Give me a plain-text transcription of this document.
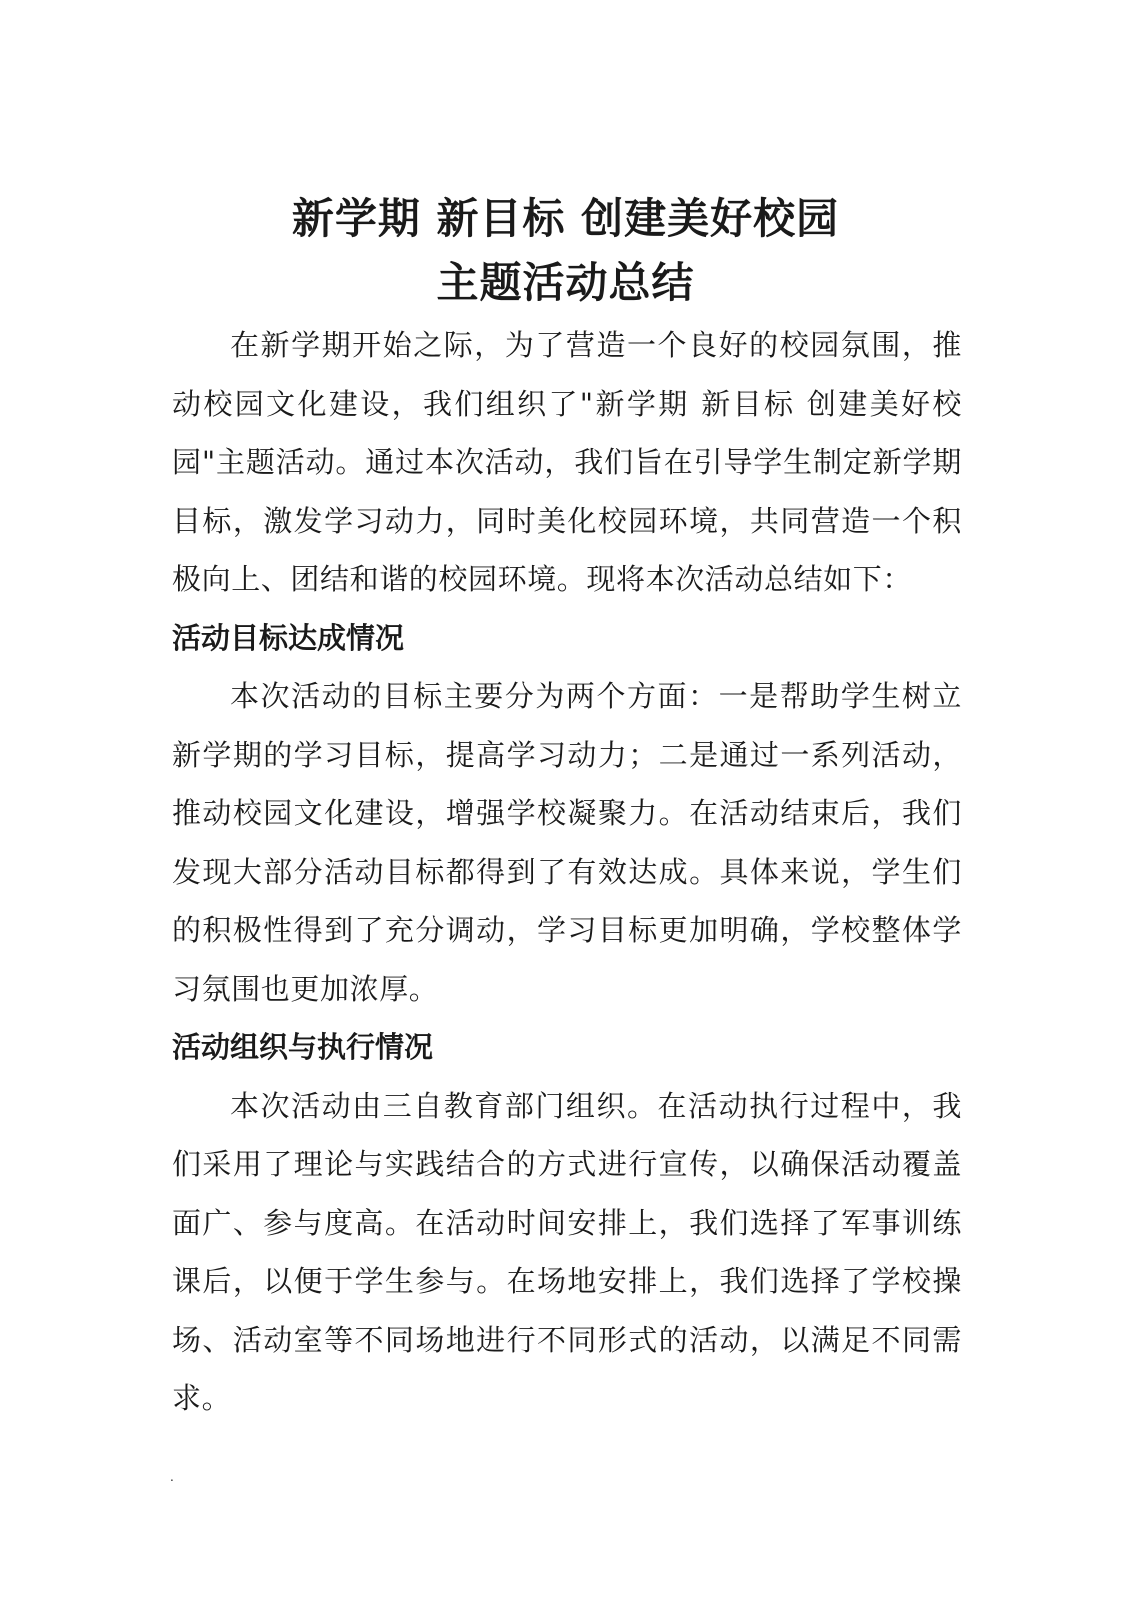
新学期 新目标 创建美好校园
主题活动总结

在新学期开始之际，为了营造一个良好的校园氛围，推动校园文化建设，我们组织了"新学期 新目标 创建美好校园"主题活动。通过本次活动，我们旨在引导学生制定新学期目标，激发学习动力，同时美化校园环境，共同营造一个积极向上、团结和谐的校园环境。现将本次活动总结如下：

活动目标达成情况

本次活动的目标主要分为两个方面：一是帮助学生树立新学期的学习目标，提高学习动力；二是通过一系列活动，推动校园文化建设，增强学校凝聚力。在活动结束后，我们发现大部分活动目标都得到了有效达成。具体来说，学生们的积极性得到了充分调动，学习目标更加明确，学校整体学习氛围也更加浓厚。

活动组织与执行情况

本次活动由三自教育部门组织。在活动执行过程中，我们采用了理论与实践结合的方式进行宣传，以确保活动覆盖面广、参与度高。在活动时间安排上，我们选择了军事训练课后，以便于学生参与。在场地安排上，我们选择了学校操场、活动室等不同场地进行不同形式的活动，以满足不同需求。

.
